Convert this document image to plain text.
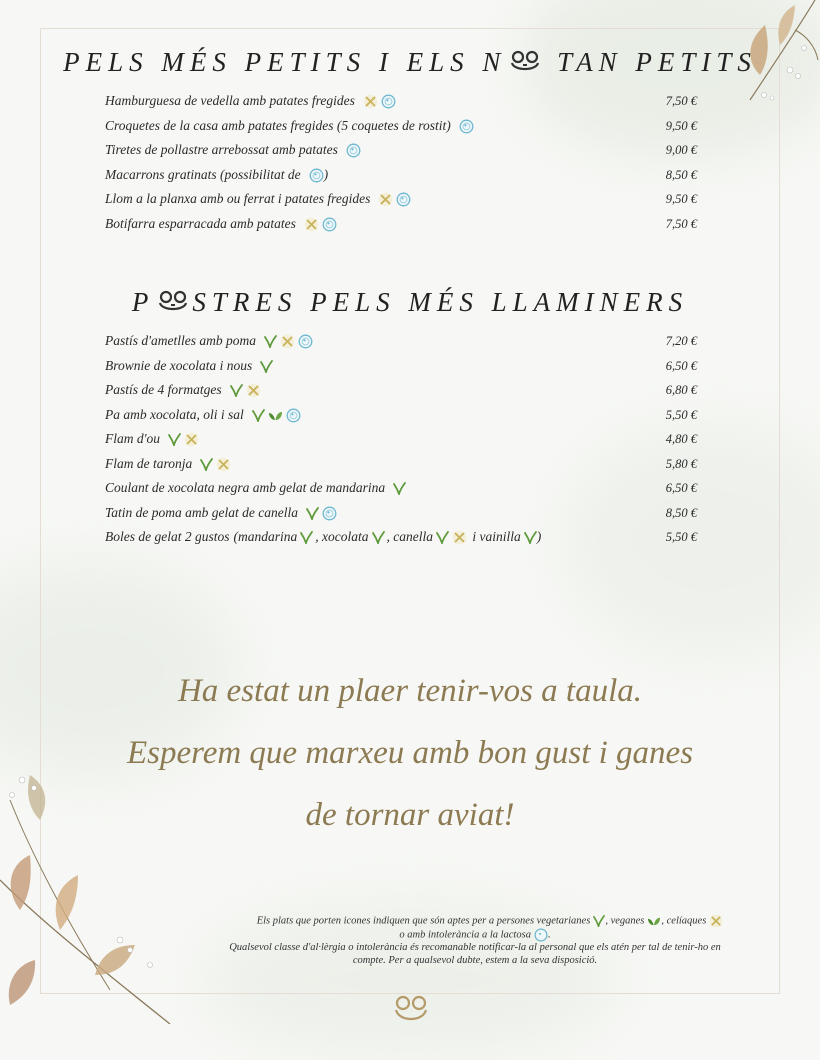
PELS MÉS PETITS I ELS N TAN PETITS
Hamburguesa de vedella amb patates fregides	7,50 €
Croquetes de la casa amb patates fregides (5 coquetes de rostit)	9,50 €
Tiretes de pollastre arrebossat amb patates	9,00 €
Macarrons gratinats (possibilitat de )	8,50 €
Llom a la planxa amb ou ferrat i patates fregides	9,50 €
Botifarra esparracada amb patates	7,50 €
P STRES PELS MÉS LLAMINERS
Pastís d'ametlles amb poma	7,20 €
Brownie de xocolata i nous	6,50 €
Pastís de 4 formatges	6,80 €
Pa amb xocolata, oli i sal	5,50 €
Flam d'ou	4,80 €
Flam de taronja	5,80 €
Coulant de xocolata negra amb gelat de mandarina	6,50 €
Tatin de poma amb gelat de canella	8,50 €
Boles de gelat 2 gustos (mandarina , xocolata , canella	i vainilla )	5,50 €
Ha estat un plaer tenir-vos a taula.
Esperem que marxeu amb bon gust i ganes
de tornar aviat!
Els plats que porten icones indiquen que són aptes per a persones vegetarianes , veganes , celíaques
o amb intolerància a la lactosa .
Qualsevol classe d'al·lèrgia o intolerància és recomanable notificar-la al personal que els atén per tal de tenir-ho en
compte. Per a qualsevol dubte, estem a la seva disposició.
